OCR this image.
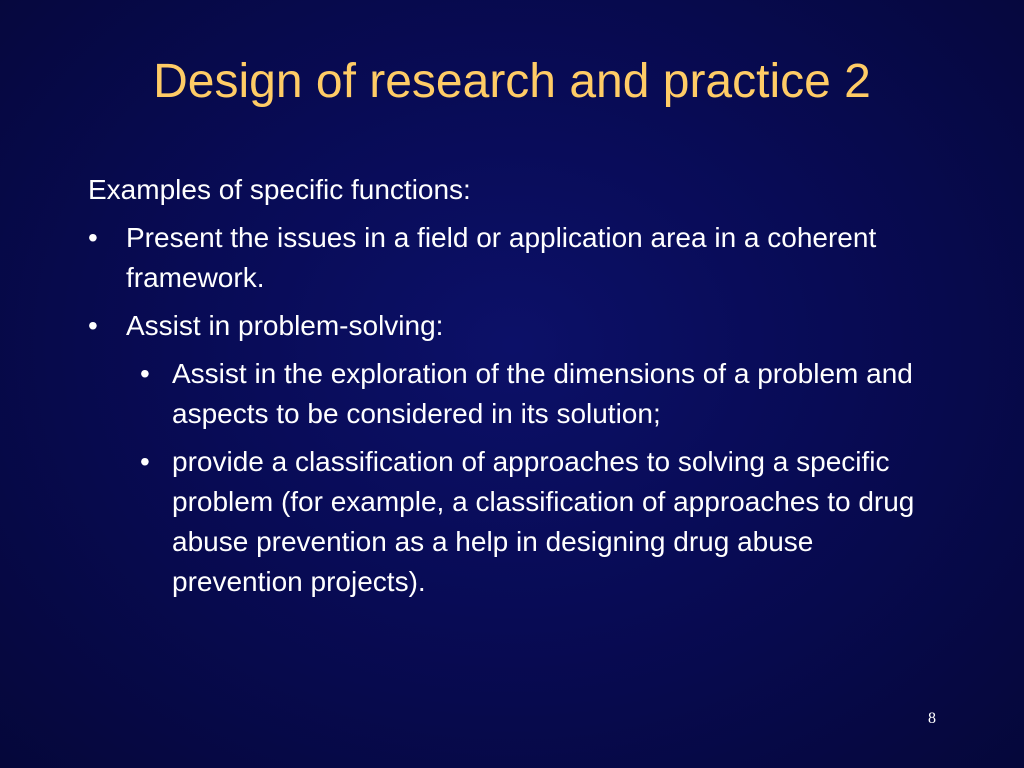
Design of research and practice 2

Examples of specific functions:

• Present the issues in a field or application area in a coherent framework.
• Assist in problem-solving:
• Assist in the exploration of the dimensions of a problem and aspects to be considered in its solution;
• provide a classification of approaches to solving a specific problem (for example, a classification of approaches to drug abuse prevention as a help in designing drug abuse prevention projects).
8
